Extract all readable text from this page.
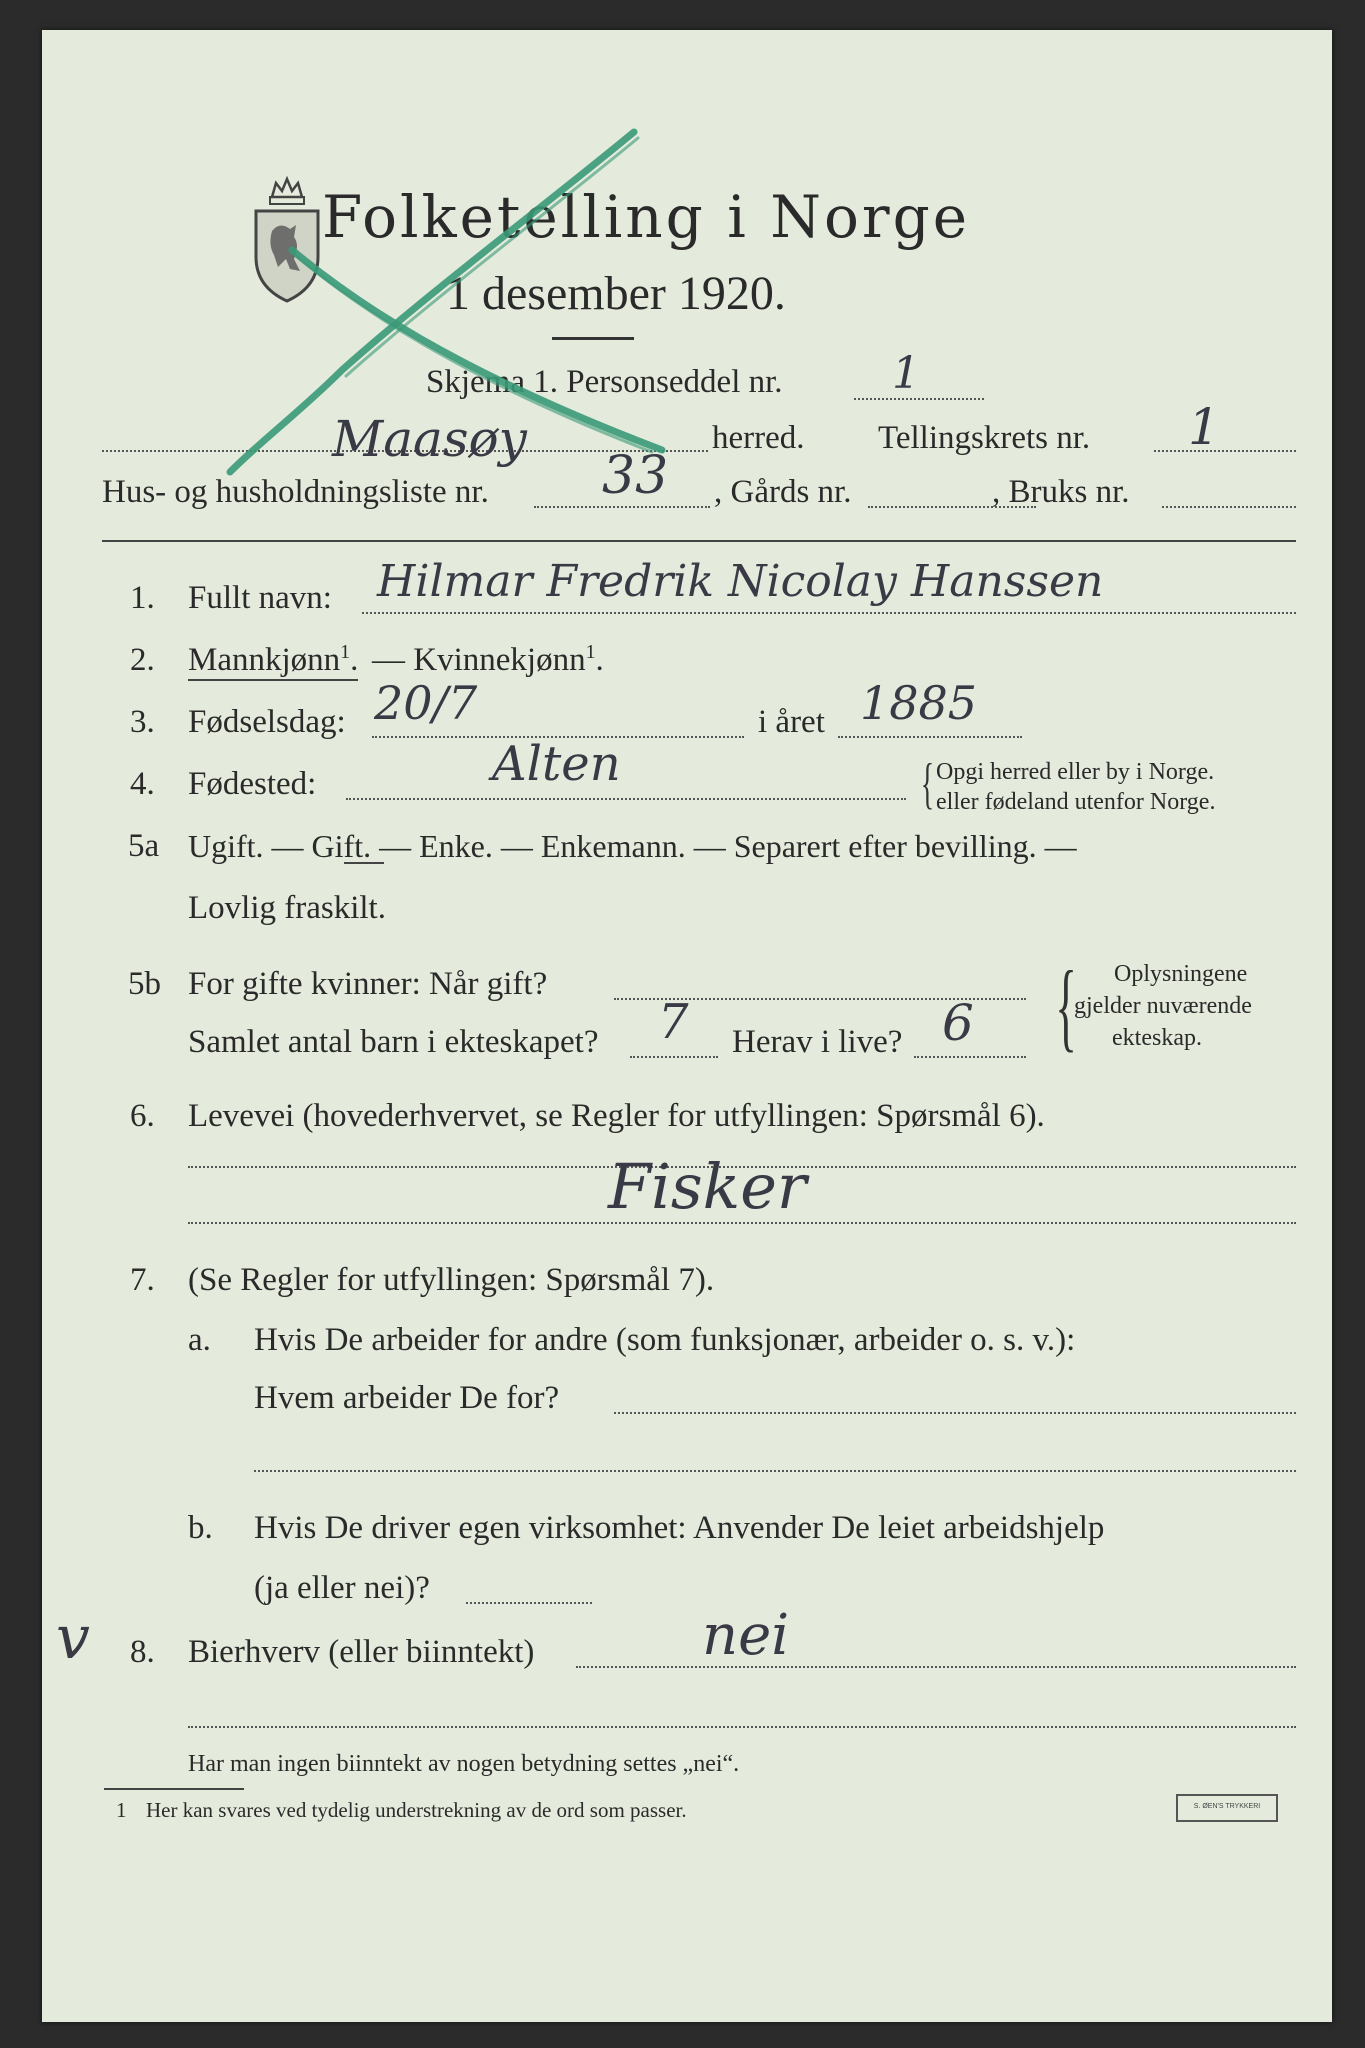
Folketelling i Norge
1 desember 1920.
Skjema 1. Personseddel nr. 1
Maasøy	herred. Tellingskrets nr. 1
Hus- og husholdningsliste nr. 33 , Gårds nr.	, Bruks nr.
1. Fullt navn: Hilmar Fredrik Nicolay Hanssen
2. Mannkjønn$^1$. — Kvinnekjønn$^1$.
3. Fødselsdag: 20/7	i året 1885
4. Fødested:	Alten	{ Opgi herred eller by i Norge.
eller fødeland utenfor Norge.
5a Ugift. — Gift. — Enke. — Enkemann. — Separert efter bevilling. —
Lovlig fraskilt.
5b For gifte kvinner: Når gift?
Samlet antal barn i ekteskapet? 7 Herav i live? 6 { Oplysningene
gjelder nuværende
ekteskap.
6. Levevei (hovederhvervet, se Regler for utfyllingen: Spørsmål 6).
Fisker
7. (Se Regler for utfyllingen: Spørsmål 7).
a. Hvis De arbeider for andre (som funksjonær, arbeider o. s. v.):
Hvem arbeider De for?
b. Hvis De driver egen virksomhet: Anvender De leiet arbeidshjelp
(ja eller nei)?
v 8. Bierhverv (eller biinntekt)	nei
Har man ingen biinntekt av nogen betydning settes „nei“.
1 Her kan svares ved tydelig understrekning av de ord som passer.	S. ØEN'S TRYKKERI
